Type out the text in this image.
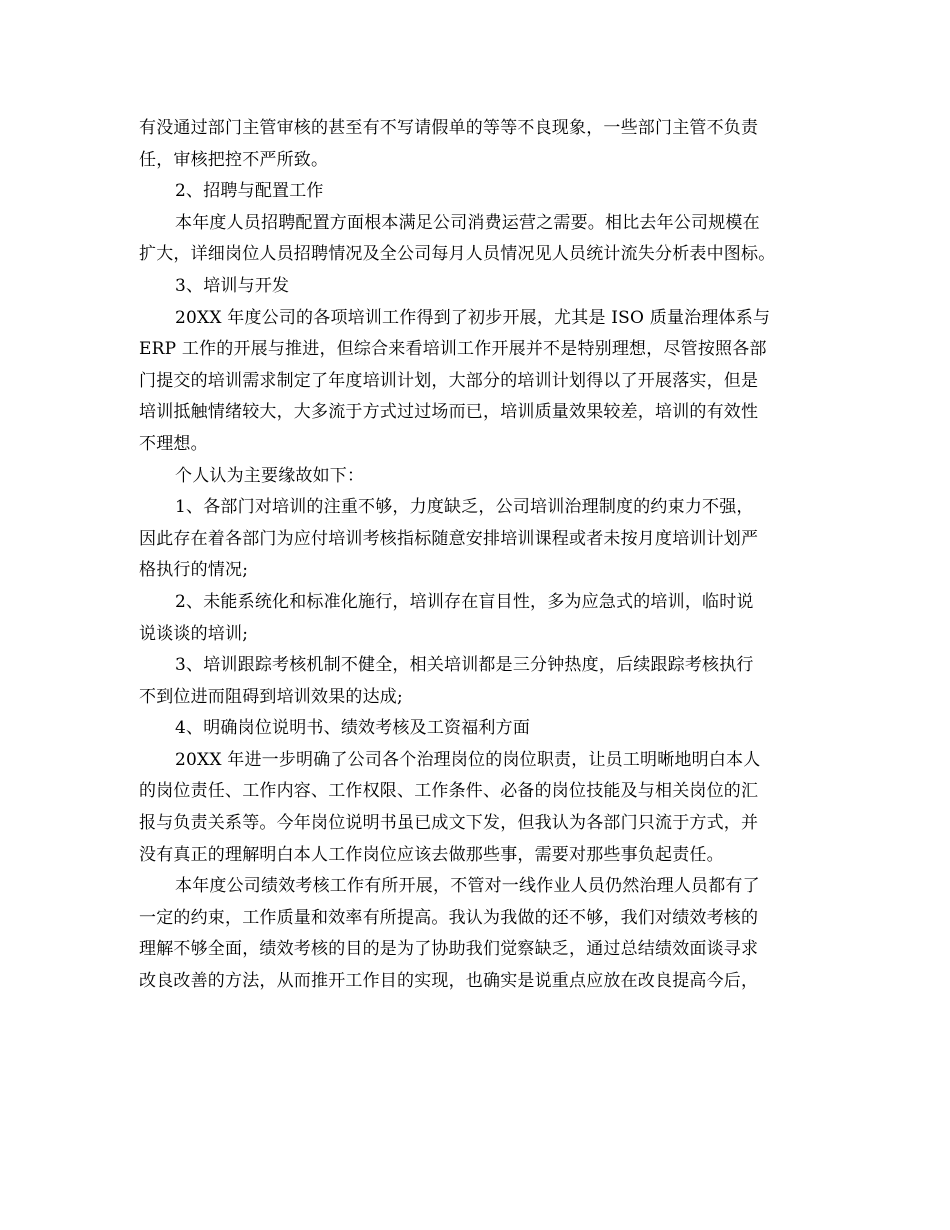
有没通过部门主管审核的甚至有不写请假单的等等不良现象，一些部门主管不负责
任，审核把控不严所致。

2、招聘与配置工作

本年度人员招聘配置方面根本满足公司消费运营之需要。相比去年公司规模在
扩大，详细岗位人员招聘情况及全公司每月人员情况见人员统计流失分析表中图标。

3、培训与开发

20XX 年度公司的各项培训工作得到了初步开展，尤其是 ISO 质量治理体系与
ERP 工作的开展与推进，但综合来看培训工作开展并不是特别理想，尽管按照各部
门提交的培训需求制定了年度培训计划，大部分的培训计划得以了开展落实，但是
培训抵触情绪较大，大多流于方式过过场而已，培训质量效果较差，培训的有效性
不理想。

个人认为主要缘故如下：

1、各部门对培训的注重不够，力度缺乏，公司培训治理制度的约束力不强，
因此存在着各部门为应付培训考核指标随意安排培训课程或者未按月度培训计划严
格执行的情况;

2、未能系统化和标准化施行，培训存在盲目性，多为应急式的培训，临时说
说谈谈的培训;

3、培训跟踪考核机制不健全，相关培训都是三分钟热度，后续跟踪考核执行
不到位进而阻碍到培训效果的达成;

4、明确岗位说明书、绩效考核及工资福利方面

20XX 年进一步明确了公司各个治理岗位的岗位职责，让员工明晰地明白本人
的岗位责任、工作内容、工作权限、工作条件、必备的岗位技能及与相关岗位的汇
报与负责关系等。今年岗位说明书虽已成文下发，但我认为各部门只流于方式，并
没有真正的理解明白本人工作岗位应该去做那些事，需要对那些事负起责任。

本年度公司绩效考核工作有所开展，不管对一线作业人员仍然治理人员都有了
一定的约束，工作质量和效率有所提高。我认为我做的还不够，我们对绩效考核的
理解不够全面，绩效考核的目的是为了协助我们觉察缺乏，通过总结绩效面谈寻求
改良改善的方法，从而推开工作目的实现，也确实是说重点应放在改良提高今后，
